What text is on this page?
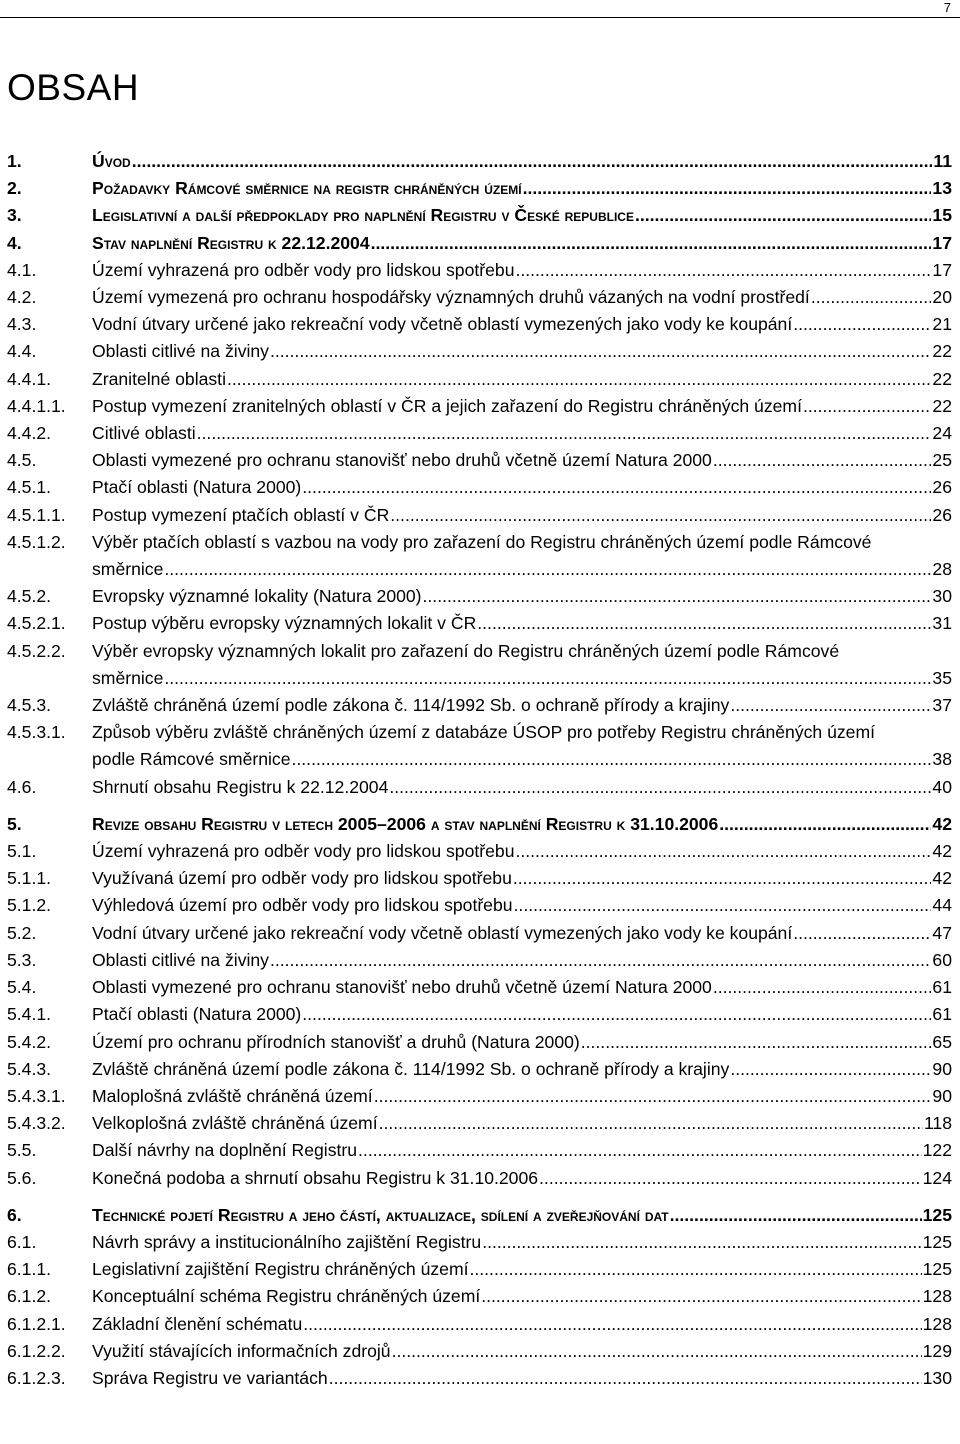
7
OBSAH
1.	Úvod .....	11
2.	Požadavky Rámcové směrnice na registr chráněných území .....	13
3.	Legislativní a další předpoklady pro naplnění Registru v České republice .....	15
4.	Stav naplnění Registru k 22.12.2004 .....	17
4.1.	Území vyhrazená pro odběr vody pro lidskou spotřebu .....	17
4.2.	Území vymezená pro ochranu hospodářsky významných druhů vázaných na vodní prostředí .....	20
4.3.	Vodní útvary určené jako rekreační vody včetně oblastí vymezených jako vody ke koupání .....	21
4.4.	Oblasti citlivé na živiny .....	22
4.4.1. Zranitelné oblasti .....	22
4.4.1.1. Postup vymezení zranitelných oblastí v ČR a jejich zařazení do Registru chráněných území .....	22
4.4.2. Citlivé oblasti .....	24
4.5.	Oblasti vymezené pro ochranu stanovišť nebo druhů včetně území Natura 2000 .....	25
4.5.1. Ptačí oblasti (Natura 2000) .....	26
4.5.1.1. Postup vymezení ptačích oblastí v ČR .....	26
4.5.1.2. Výběr ptačích oblastí s vazbou na vody pro zařazení do Registru chráněných území podle Rámcové směrnice .....	28
4.5.2. Evropsky významné lokality (Natura 2000) .....	30
4.5.2.1. Postup výběru evropsky významných lokalit v ČR .....	31
4.5.2.2. Výběr evropsky významných lokalit pro zařazení do Registru chráněných území podle Rámcové směrnice .....	35
4.5.3. Zvláště chráněná území podle zákona č. 114/1992 Sb. o ochraně přírody a krajiny .....	37
4.5.3.1. Způsob výběru zvláště chráněných území z databáze ÚSOP pro potřeby Registru chráněných území podle Rámcové směrnice .....	38
4.6.	Shrnutí obsahu Registru k 22.12.2004 .....	40
5.	Revize obsahu Registru v letech 2005–2006 a stav naplnění Registru k 31.10.2006 .....	42
5.1.	Území vyhrazená pro odběr vody pro lidskou spotřebu .....	42
5.1.1. Využívaná území pro odběr vody pro lidskou spotřebu .....	42
5.1.2. Výhledová území pro odběr vody pro lidskou spotřebu .....	44
5.2.	Vodní útvary určené jako rekreační vody včetně oblastí vymezených jako vody ke koupání .....	47
5.3.	Oblasti citlivé na živiny .....	60
5.4.	Oblasti vymezené pro ochranu stanovišť nebo druhů včetně území Natura 2000 .....	61
5.4.1. Ptačí oblasti (Natura 2000) .....	61
5.4.2. Území pro ochranu přírodních stanovišť a druhů (Natura 2000) .....	65
5.4.3. Zvláště chráněná území podle zákona č. 114/1992 Sb. o ochraně přírody a krajiny .....	90
5.4.3.1. Maloplošná zvláště chráněná území .....	90
5.4.3.2. Velkoplošná zvláště chráněná území .....	118
5.5.	Další návrhy na doplnění Registru .....	122
5.6.	Konečná podoba a shrnutí obsahu Registru k 31.10.2006 .....	124
6.	Technické pojetí Registru a jeho částí, aktualizace, sdílení a zveřejňování dat .....	125
6.1.	Návrh správy a institucionálního zajištění Registru .....	125
6.1.1. Legislativní zajištění Registru chráněných území .....	125
6.1.2. Konceptuální schéma Registru chráněných území .....	128
6.1.2.1. Základní členění schématu .....	128
6.1.2.2. Využití stávajících informačních zdrojů .....	129
6.1.2.3. Správa Registru ve variantách .....	130
